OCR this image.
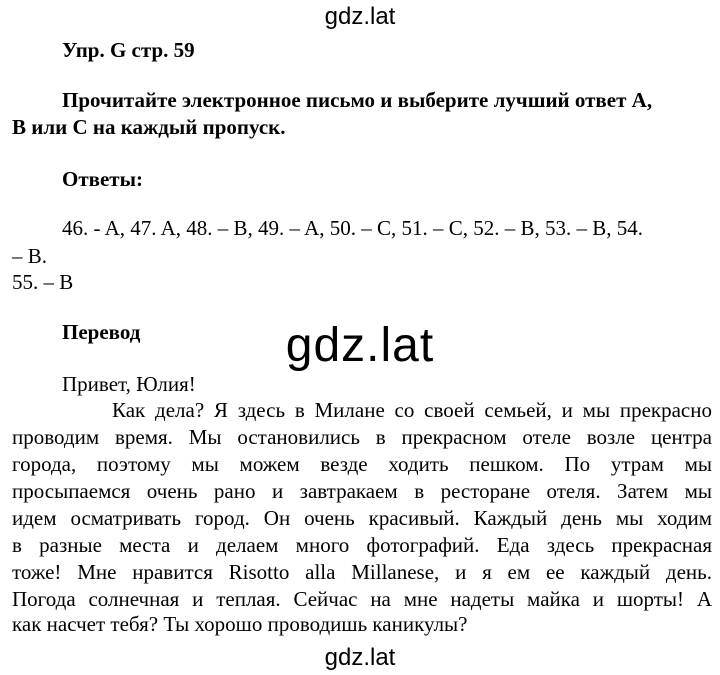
gdz.lat
Упр. G стр. 59
Прочитайте электронное письмо и выберите лучший ответ A,
B или C на каждый пропуск.
Ответы:
46. - A, 47. A, 48. – B, 49. – A, 50. – C, 51. – C, 52. – B, 53. – B, 54.
– B.
55. – B
gdz.lat
Перевод
Привет, Юлия!
Как дела? Я здесь в Милане со своей семьей, и мы прекрасно
проводим время. Мы остановились в прекрасном отеле возле центра
города, поэтому мы можем везде ходить пешком. По утрам мы
просыпаемся очень рано и завтракаем в ресторане отеля. Затем мы
идем осматривать город. Он очень красивый. Каждый день мы ходим
в разные места и делаем много фотографий. Еда здесь прекрасная
тоже! Мне нравится Risotto alla Millanese, и я ем ее каждый день.
Погода солнечная и теплая. Сейчас на мне надеты майка и шорты! А
как насчет тебя? Ты хорошо проводишь каникулы?
gdz.lat
